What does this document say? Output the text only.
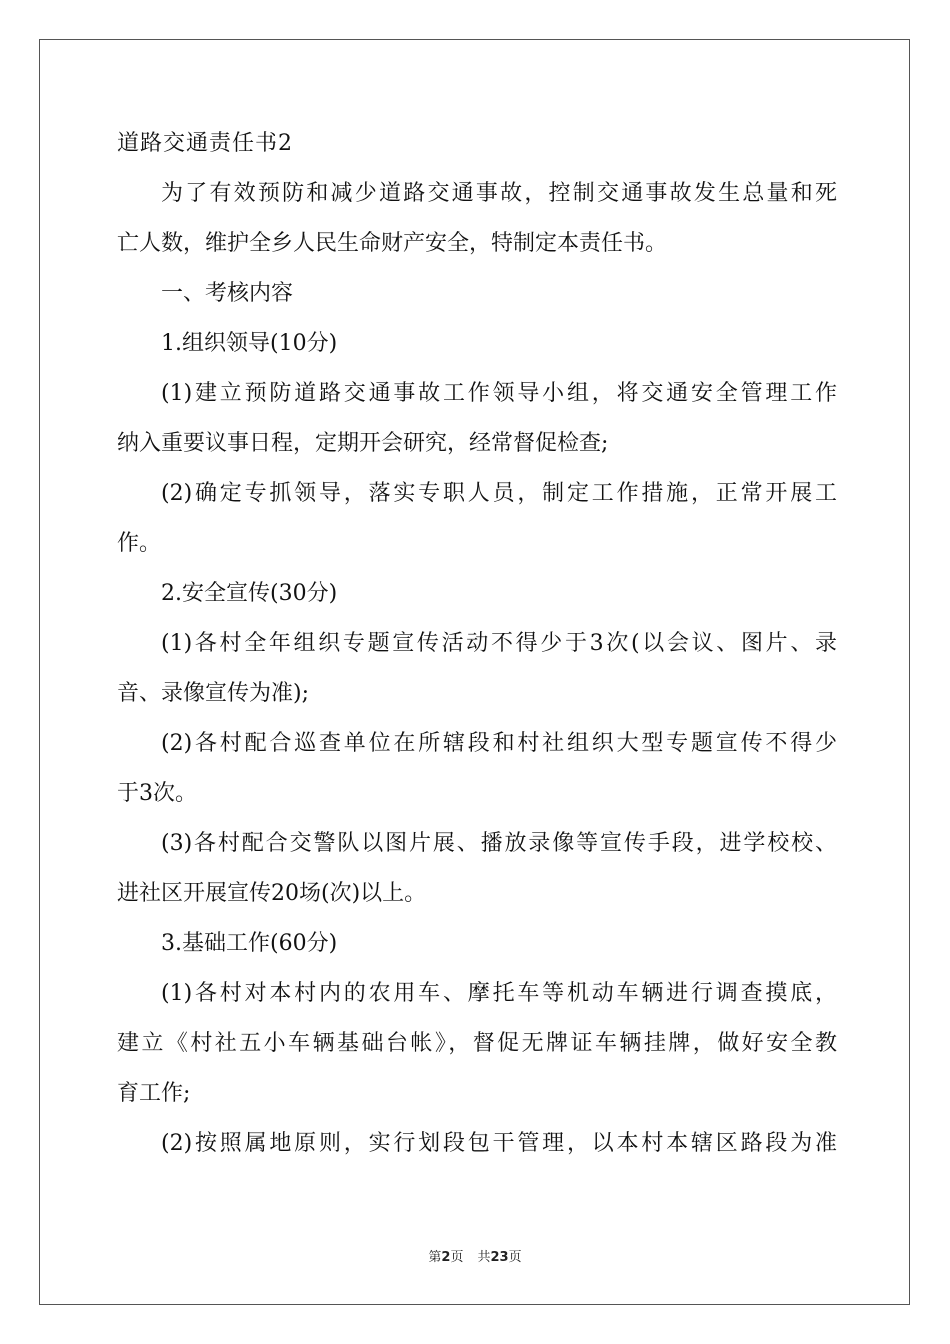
道路交通责任书2

为了有效预防和减少道路交通事故，控制交通事故发生总量和死

亡人数，维护全乡人民生命财产安全，特制定本责任书。

一、考核内容

1.组织领导(10分)

(1)建立预防道路交通事故工作领导小组，将交通安全管理工作

纳入重要议事日程，定期开会研究，经常督促检查;

(2)确定专抓领导，落实专职人员，制定工作措施，正常开展工

作。

2.安全宣传(30分)

(1)各村全年组织专题宣传活动不得少于3次(以会议、图片、录

音、录像宣传为准);

(2)各村配合巡查单位在所辖段和村社组织大型专题宣传不得少

于3次。

(3)各村配合交警队以图片展、播放录像等宣传手段，进学校校、

进社区开展宣传20场(次)以上。

3.基础工作(60分)

(1)各村对本村内的农用车、摩托车等机动车辆进行调查摸底，

建立《村社五小车辆基础台帐》，督促无牌证车辆挂牌，做好安全教

育工作;

(2)按照属地原则，实行划段包干管理，以本村本辖区路段为准

第2页 共23页
